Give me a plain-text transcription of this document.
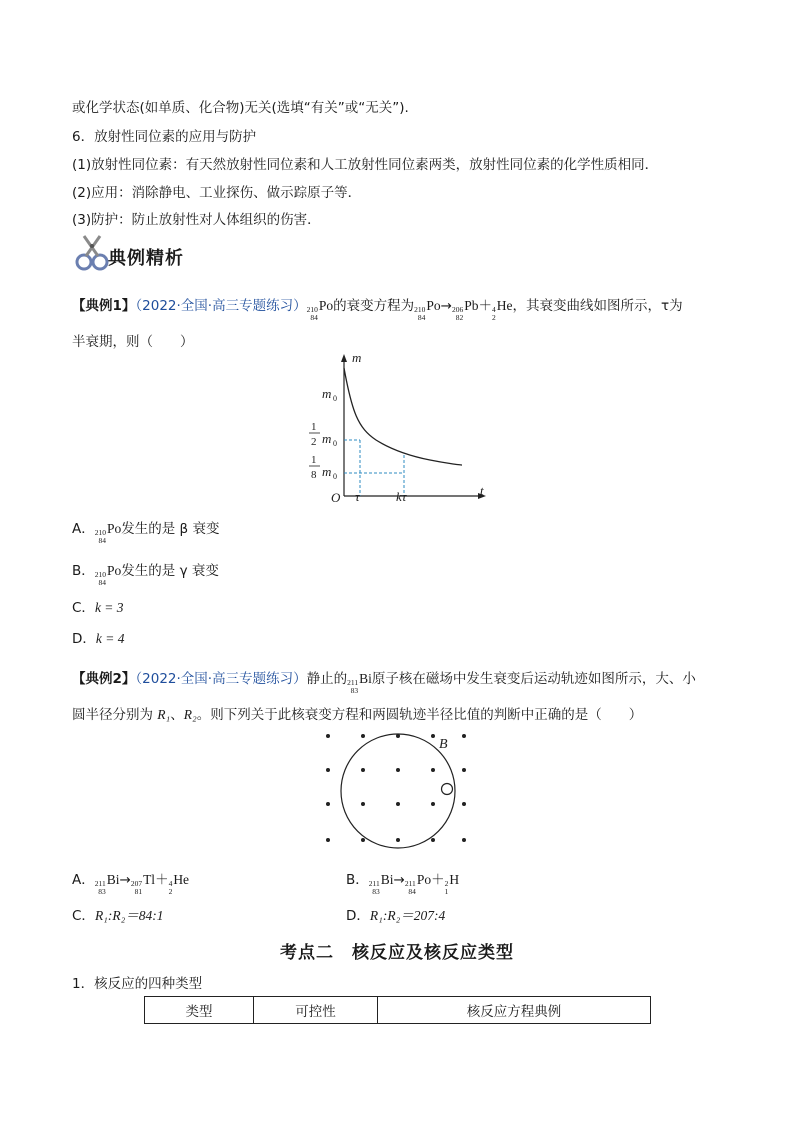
或化学状态(如单质、化合物)无关(选填“有关”或“无关”).
6．放射性同位素的应用与防护
(1)放射性同位素：有天然放射性同位素和人工放射性同位素两类，放射性同位素的化学性质相同．
(2)应用：消除静电、工业探伤、做示踪原子等．
(3)防护：防止放射性对人体组织的伤害．
典例精析
【典例1】（2022·全国·高三专题练习） 210
84
Po 的衰变方程为 210
84
Po → 206
82
Pb ＋ 4
2
He ，其衰变曲线如图所示，τ为
半衰期，则（　　）
m
t
O
m 0
1
2 m 0
1
8 m 0
τ	kτ
A． 210
84
Po 发生的是 β 衰变
B． 210
84
Po 发生的是 γ 衰变
C．k = 3
D．k = 4
【典例2】（2022·全国·高三专题练习）静止的 211
83
Bi 原子核在磁场中发生衰变后运动轨迹如图所示，大、小
圆半径分别为 R₁、R₂。则下列关于此核衰变方程和两圆轨迹半径比值的判断中正确的是（　　）
B
A． 211
83
Bi → 207
81
Tl ＋ 4
2
He	B． 211
83
Bi → 211
84
Po ＋ 2
1
H
C．R₁:R₂＝84:1	D．R₁:R₂＝207:4
考点二　核反应及核反应类型
1．核反应的四种类型
类型	可控性	核反应方程典例
